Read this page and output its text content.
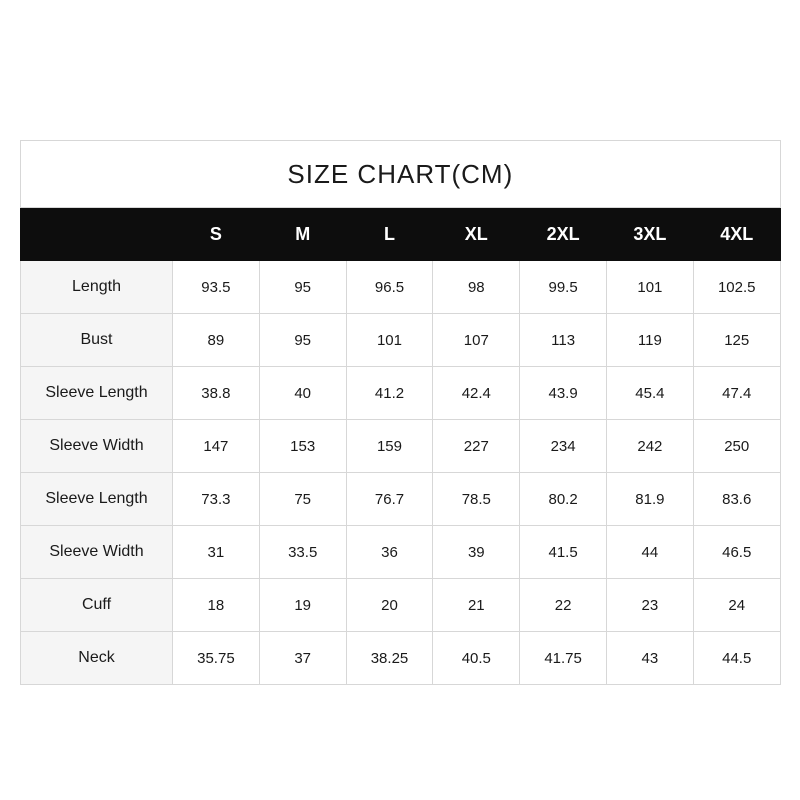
SIZE CHART(CM)							
	S	M	L	XL	2XL	3XL	4XL
Length	93.5	95	96.5	98	99.5	101	102.5
Bust	89	95	101	107	113	119	125
Sleeve Length	38.8	40	41.2	42.4	43.9	45.4	47.4
Sleeve Width	147	153	159	227	234	242	250
Sleeve Length	73.3	75	76.7	78.5	80.2	81.9	83.6
Sleeve Width	31	33.5	36	39	41.5	44	46.5
Cuff	18	19	20	21	22	23	24
Neck	35.75	37	38.25	40.5	41.75	43	44.5
